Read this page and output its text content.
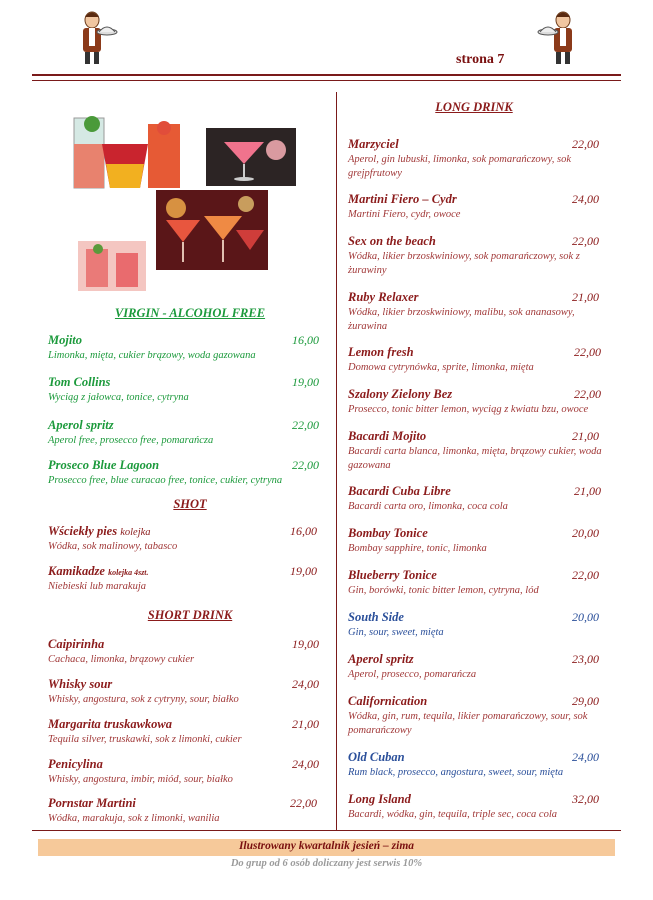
strona 7
VIRGIN - ALCOHOL FREE
Mojito	16,00
Limonka, mięta, cukier brązowy, woda gazowana
Tom Collins	19,00
Wyciąg z jałowca, tonice, cytryna
Aperol spritz	22,00
Aperol free, prosecco free, pomarańcza
Proseco Blue Lagoon	22,00
Prosecco free, blue curacao free, tonice, cukier, cytryna
SHOT
Wściekły pies kolejka	16,00
Wódka, sok malinowy, tabasco
Kamikadze kolejka 4szt.	19,00
Niebieski lub marakuja
SHORT DRINK
Caipirinha	19,00
Cachaca, limonka, brązowy cukier
Whisky sour	24,00
Whisky, angostura, sok z cytryny, sour, białko
Margarita truskawkowa	21,00
Tequila silver, truskawki, sok z limonki, cukier
Penicylina	24,00
Whisky, angostura, imbir, miód, sour, białko
Pornstar Martini	22,00
Wódka, marakuja, sok z limonki, wanilia
LONG DRINK
Marzyciel	22,00
Aperol, gin lubuski, limonka, sok pomarańczowy, sok grejpfrutowy
Martini Fiero – Cydr	24,00
Martini Fiero, cydr, owoce
Sex on the beach	22,00
Wódka, likier brzoskwiniowy, sok pomarańczowy, sok z żurawiny
Ruby Relaxer	21,00
Wódka, likier brzoskwiniowy, malibu, sok ananasowy, żurawina
Lemon fresh	22,00
Domowa cytrynówka, sprite, limonka, mięta
Szalony Zielony Bez	22,00
Prosecco, tonic bitter lemon, wyciąg z kwiatu bzu, owoce
Bacardi Mojito	21,00
Bacardi carta blanca, limonka, mięta, brązowy cukier, woda gazowana
Bacardi Cuba Libre	21,00
Bacardi carta oro, limonka, coca cola
Bombay Tonice	20,00
Bombay sapphire, tonic, limonka
Blueberry Tonice	22,00
Gin, borówki, tonic bitter lemon, cytryna, lód
South Side	20,00
Gin, sour, sweet, mięta
Aperol spritz	23,00
Aperol, prosecco, pomarańcza
Californication	29,00
Wódka, gin, rum, tequila, likier pomarańczowy, sour, sok pomarańczowy
Old Cuban	24,00
Rum black, prosecco, angostura, sweet, sour, mięta
Long Island	32,00
Bacardi, wódka, gin, tequila, triple sec, coca cola
Ilustrowany kwartalnik jesień – zima
Do grup od 6 osób doliczany jest serwis 10%
